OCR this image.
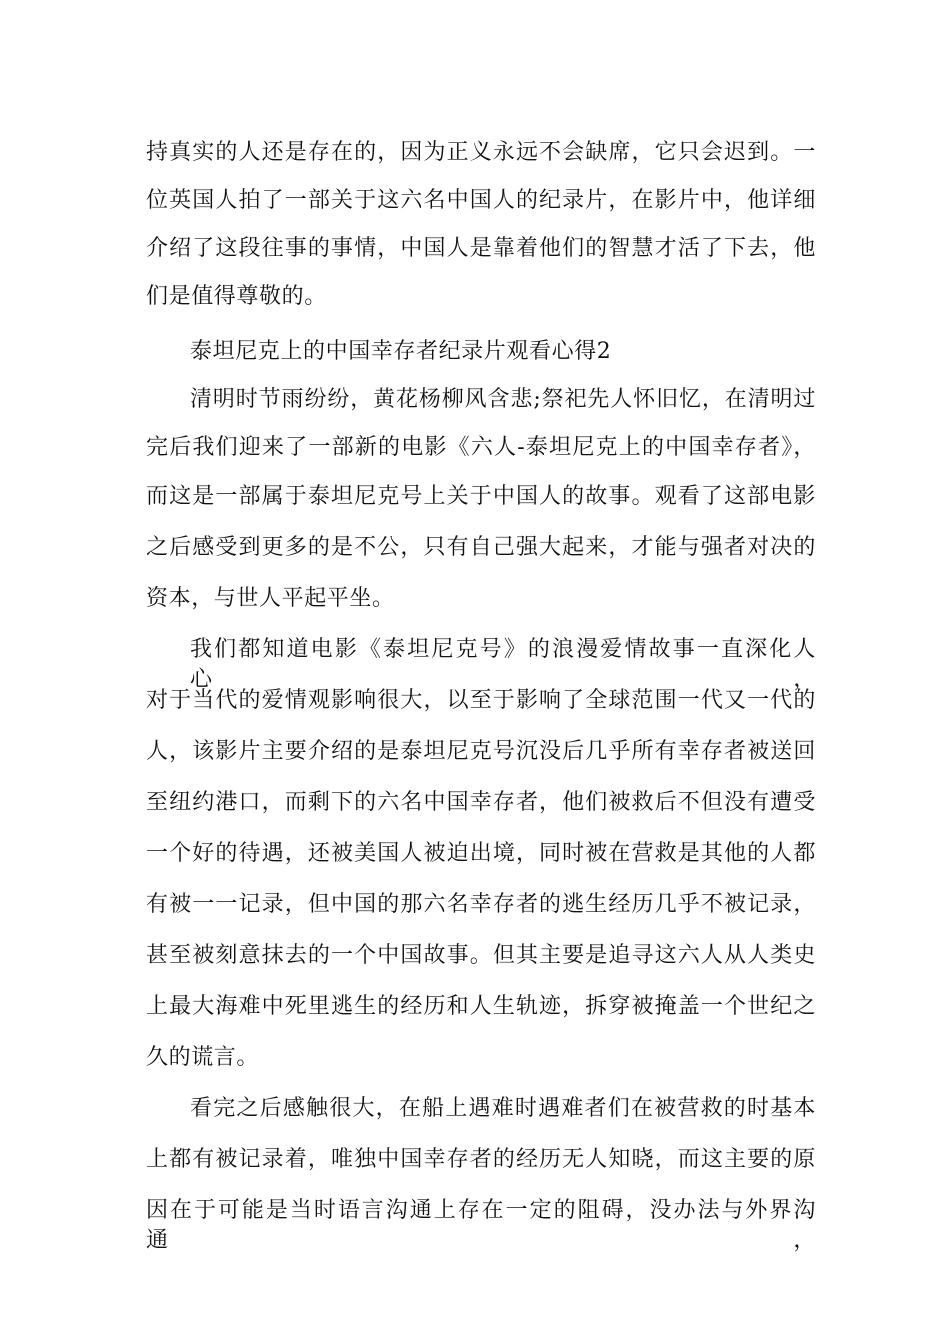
持真实的人还是存在的，因为正义永远不会缺席，它只会迟到。一

位英国人拍了一部关于这六名中国人的纪录片，在影片中，他详细

介绍了这段往事的事情，中国人是靠着他们的智慧才活了下去，他

们是值得尊敬的。

泰坦尼克上的中国幸存者纪录片观看心得2

清明时节雨纷纷，黄花杨柳风含悲;祭祀先人怀旧忆，在清明过

完后我们迎来了一部新的电影《六人-泰坦尼克上的中国幸存者》，

而这是一部属于泰坦尼克号上关于中国人的故事。观看了这部电影

之后感受到更多的是不公，只有自己强大起来，才能与强者对决的

资本，与世人平起平坐。

我们都知道电影《泰坦尼克号》的浪漫爱情故事一直深化人心，

对于当代的爱情观影响很大，以至于影响了全球范围一代又一代的

人，该影片主要介绍的是泰坦尼克号沉没后几乎所有幸存者被送回

至纽约港口，而剩下的六名中国幸存者，他们被救后不但没有遭受

一个好的待遇，还被美国人被迫出境，同时被在营救是其他的人都

有被一一记录，但中国的那六名幸存者的逃生经历几乎不被记录，

甚至被刻意抹去的一个中国故事。但其主要是追寻这六人从人类史

上最大海难中死里逃生的经历和人生轨迹，拆穿被掩盖一个世纪之

久的谎言。

看完之后感触很大，在船上遇难时遇难者们在被营救的时基本

上都有被记录着，唯独中国幸存者的经历无人知晓，而这主要的原

因在于可能是当时语言沟通上存在一定的阻碍，没办法与外界沟通，
